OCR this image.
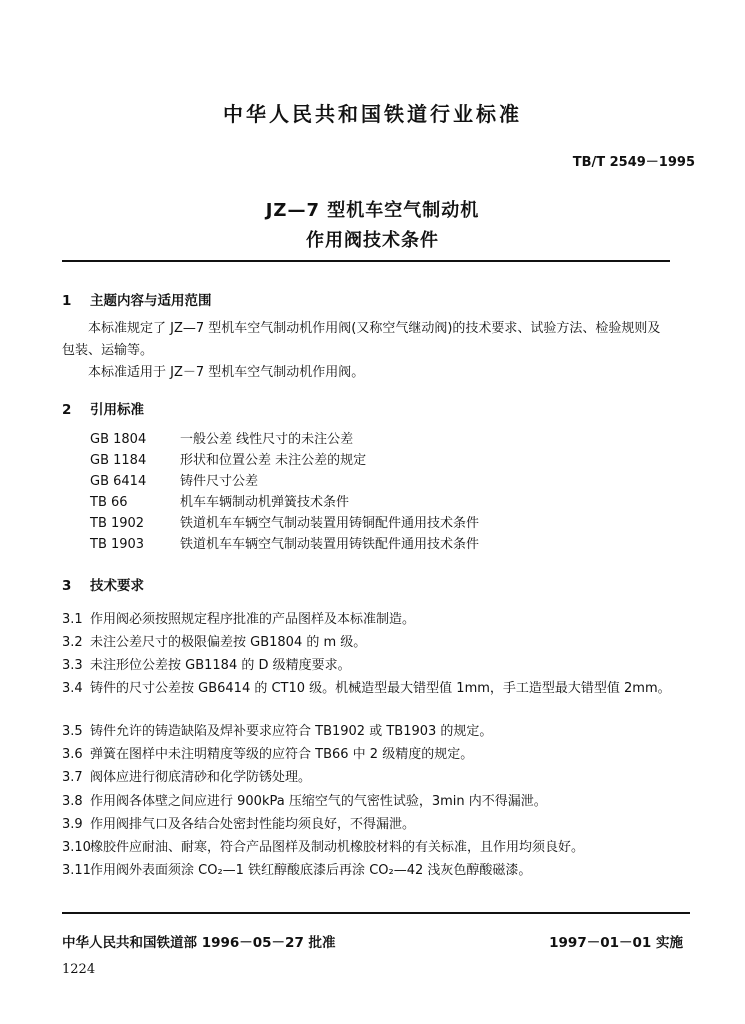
中华人民共和国铁道行业标准
TB/T 2549－1995
JZ—7 型机车空气制动机
作用阀技术条件
1 主题内容与适用范围
本标准规定了 JZ—7 型机车空气制动机作用阀(又称空气继动阀)的技术要求、试验方法、检验规则及包装、运输等。
本标准适用于 JZ－7 型机车空气制动机作用阀。
2 引用标准
GB 1804	一般公差 线性尺寸的未注公差
GB 1184	形状和位置公差 未注公差的规定
GB 6414	铸件尺寸公差
TB 66	机车车辆制动机弹簧技术条件
TB 1902	铁道机车车辆空气制动装置用铸铜配件通用技术条件
TB 1903	铁道机车车辆空气制动装置用铸铁配件通用技术条件
3 技术要求
3.1 作用阀必须按照规定程序批准的产品图样及本标准制造。
3.2 未注公差尺寸的极限偏差按 GB1804 的 m 级。
3.3 未注形位公差按 GB1184 的 D 级精度要求。
3.4 铸件的尺寸公差按 GB6414 的 CT10 级。机械造型最大错型值 1mm，手工造型最大错型值 2mm。
3.5 铸件允许的铸造缺陷及焊补要求应符合 TB1902 或 TB1903 的规定。
3.6 弹簧在图样中未注明精度等级的应符合 TB66 中 2 级精度的规定。
3.7 阀体应进行彻底清砂和化学防锈处理。
3.8 作用阀各体壁之间应进行 900kPa 压缩空气的气密性试验，3min 内不得漏泄。
3.9 作用阀排气口及各结合处密封性能均须良好，不得漏泄。
3.10橡胶件应耐油、耐寒，符合产品图样及制动机橡胶材料的有关标准，且作用均须良好。
3.11作用阀外表面须涂 CO₂—1 铁红醇酸底漆后再涂 CO₂—42 浅灰色醇酸磁漆。
中华人民共和国铁道部 1996－05－27 批准	1997－01－01 实施
1224
